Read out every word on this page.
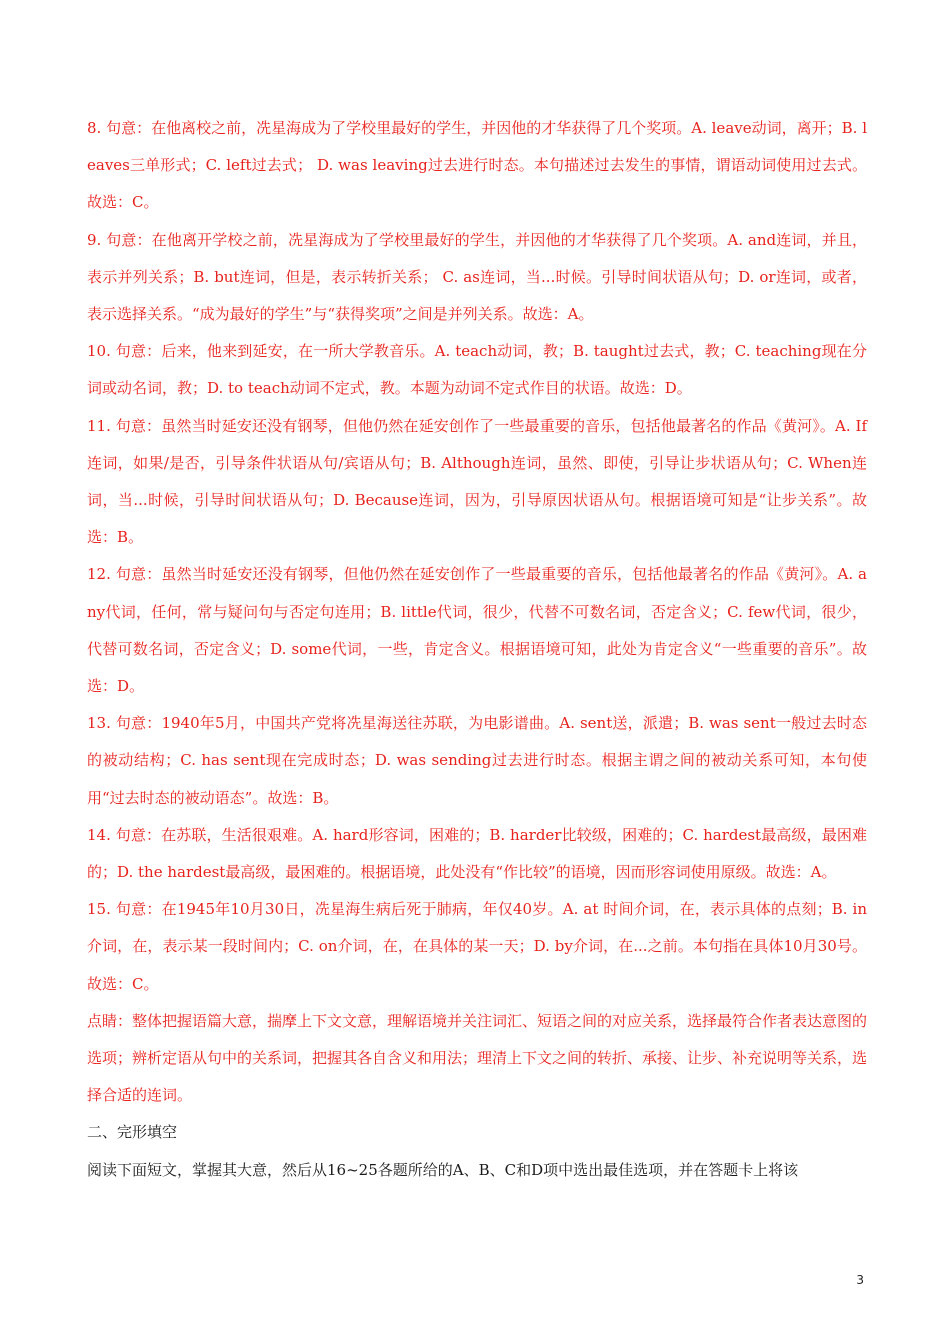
8. 句意：在他离校之前，冼星海成为了学校里最好的学生，并因他的才华获得了几个奖项。A. leave动词，离开；B. leaves三单形式；C. left过去式； D. was leaving过去进行时态。本句描述过去发生的事情，谓语动词使用过去式。故选：C。

9. 句意：在他离开学校之前，冼星海成为了学校里最好的学生，并因他的才华获得了几个奖项。A. and连词，并且，表示并列关系；B. but连词，但是，表示转折关系； C. as连词，当...时候。引导时间状语从句；D. or连词，或者，表示选择关系。“成为最好的学生”与“获得奖项”之间是并列关系。故选：A。

10. 句意：后来，他来到延安，在一所大学教音乐。A. teach动词，教；B. taught过去式，教；C. teaching现在分词或动名词，教；D. to teach动词不定式，教。本题为动词不定式作目的状语。故选：D。

11. 句意：虽然当时延安还没有钢琴，但他仍然在延安创作了一些最重要的音乐，包括他最著名的作品《黄河》。A. If 连词，如果/是否，引导条件状语从句/宾语从句；B. Although连词，虽然、即使，引导让步状语从句；C. When连词，当...时候，引导时间状语从句；D. Because连词，因为，引导原因状语从句。根据语境可知是“让步关系”。故选：B。

12. 句意：虽然当时延安还没有钢琴，但他仍然在延安创作了一些最重要的音乐，包括他最著名的作品《黄河》。A. any代词，任何，常与疑问句与否定句连用；B. little代词，很少，代替不可数名词，否定含义；C. few代词，很少，代替可数名词，否定含义；D. some代词，一些，肯定含义。根据语境可知，此处为肯定含义“一些重要的音乐”。故选：D。

13. 句意：1940年5月，中国共产党将冼星海送往苏联，为电影谱曲。A. sent送，派遣；B. was sent一般过去时态的被动结构；C. has sent现在完成时态；D. was sending过去进行时态。根据主谓之间的被动关系可知，本句使用“过去时态的被动语态”。故选：B。

14. 句意：在苏联，生活很艰难。A. hard形容词，困难的；B. harder比较级，困难的；C. hardest最高级，最困难的；D. the hardest最高级，最困难的。根据语境，此处没有“作比较”的语境，因而形容词使用原级。故选：A。

15. 句意：在1945年10月30日，冼星海生病后死于肺病，年仅40岁。A. at 时间介词，在，表示具体的点刻；B. in介词，在，表示某一段时间内；C. on介词，在，在具体的某一天；D. by介词，在...之前。本句指在具体10月30号。故选：C。

点睛：整体把握语篇大意，揣摩上下文文意，理解语境并关注词汇、短语之间的对应关系，选择最符合作者表达意图的选项；辨析定语从句中的关系词，把握其各自含义和用法；理清上下文之间的转折、承接、让步、补充说明等关系，选择合适的连词。

二、完形填空

阅读下面短文，掌握其大意，然后从16~25各题所给的A、B、C和D项中选出最佳选项，并在答题卡上将该

3
